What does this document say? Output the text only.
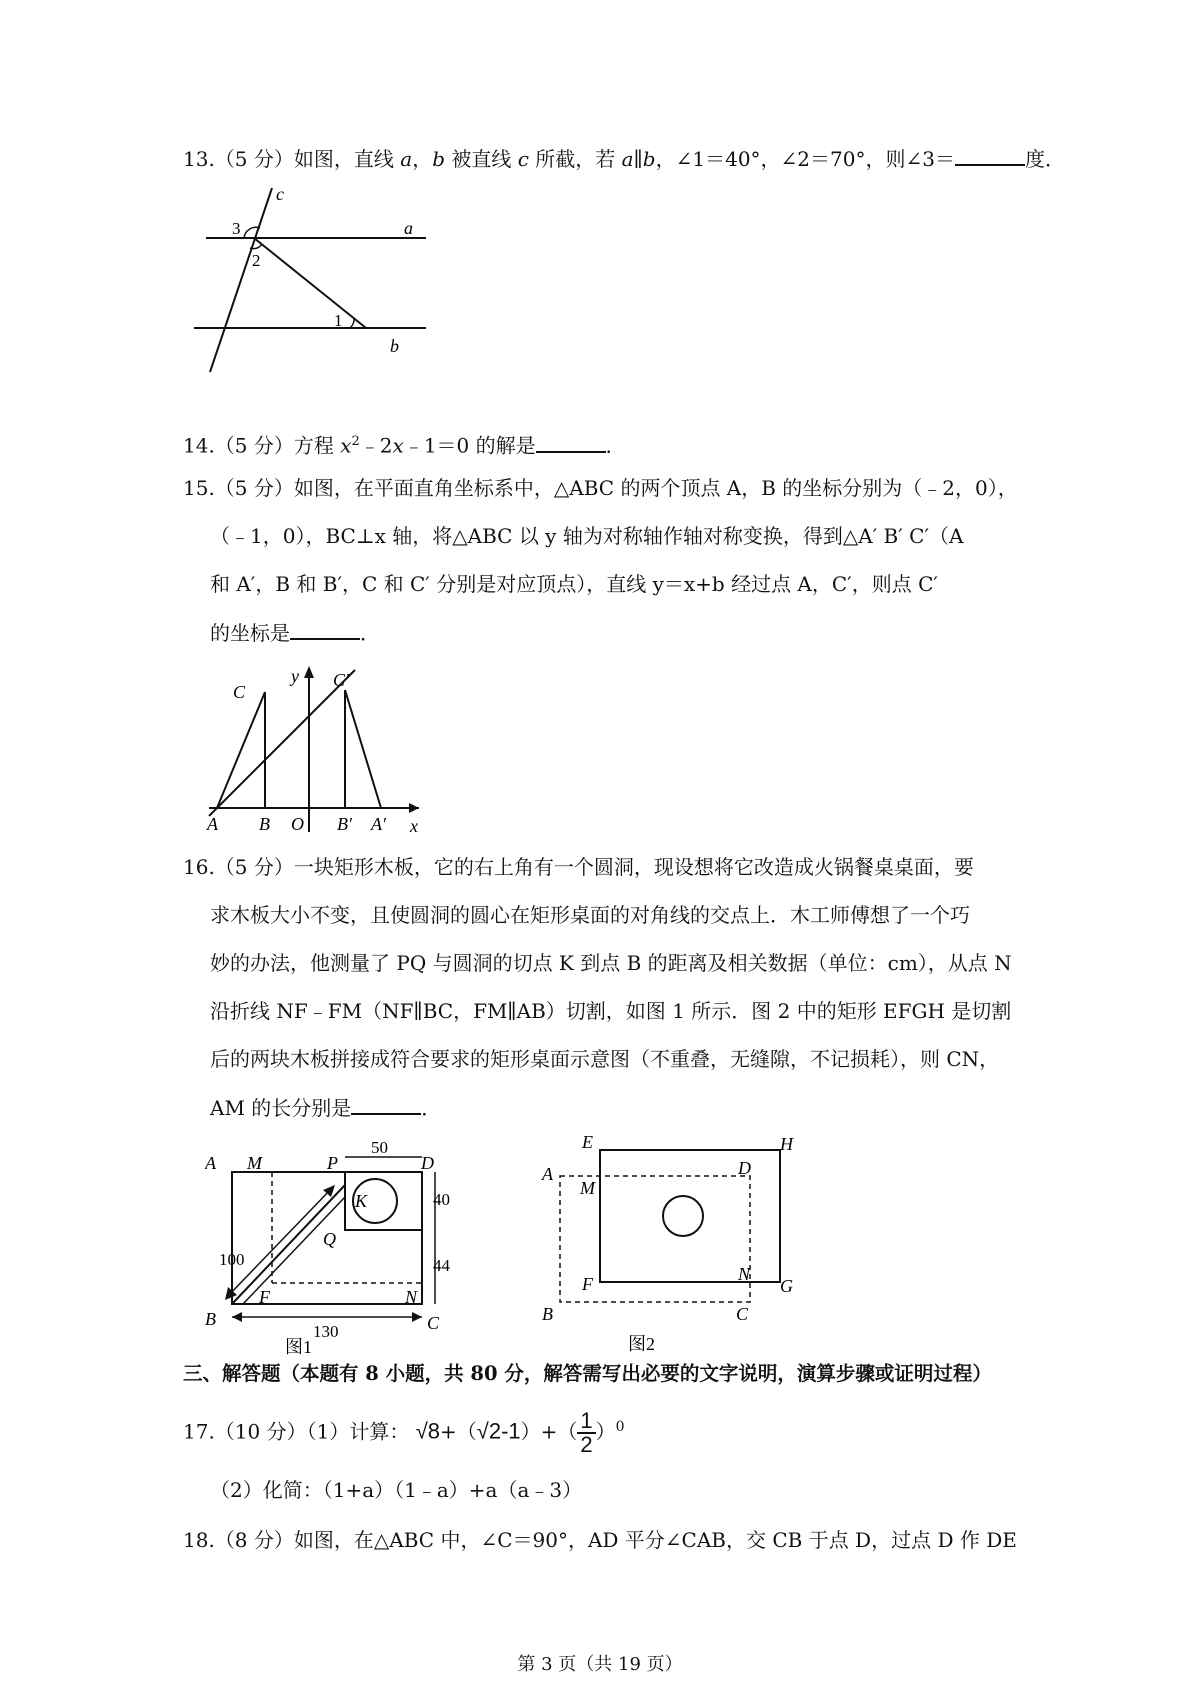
13.（5 分）如图，直线 a，b 被直线 c 所截，若 a∥b，∠1＝40°，∠2＝70°，则∠3＝	度．
c
a
b
3
2
1
14.（5 分）方程 $x^2﹣2x﹣1=0$ 的解是	．
15.（5 分）如图，在平面直角坐标系中，△ABC 的两个顶点 A，B 的坐标分别为（﹣2，0），
（﹣1，0），BC⊥x 轴，将△ABC 以 y 轴为对称轴作轴对称变换，得到△A′ B′ C′（A
和 A′，B 和 B′，C 和 C′ 分别是对应顶点），直线 y＝x+b 经过点 A，C′，则点 C′
的坐标是	．
C
y C′
A B O B′ A′ x
16.（5 分）一块矩形木板，它的右上角有一个圆洞，现设想将它改造成火锅餐桌桌面，要
求木板大小不变，且使圆洞的圆心在矩形桌面的对角线的交点上．木工师傅想了一个巧
妙的办法，他测量了 PQ 与圆洞的切点 K 到点 B 的距离及相关数据（单位：cm），从点 N
沿折线 NF﹣FM（NF∥BC，FM∥AB）切割，如图 1 所示．图 2 中的矩形 EFGH 是切割
后的两块木板拼接成符合要求的矩形桌面示意图（不重叠，无缝隙，不记损耗），则 CN，
AM 的长分别是	．
A M	P	D
K
Q
F	N
B	C
50
40
44
100
130
图1
E	H
A
M
D
F	N
G
B	C
图2
三、解答题（本题有 8 小题，共 80 分，解答需写出必要的文字说明，演算步骤或证明过程）
17.（10 分）（1）计算： $√8+(√2-1)+( \frac{1}{2} )^0$
（2）化简：（1+a）（1﹣a）+a（a﹣3）
18.（8 分）如图，在△ABC 中，∠C＝90°，AD 平分∠CAB，交 CB 于点 D，过点 D 作 DE
第 3 页（共 19 页）
